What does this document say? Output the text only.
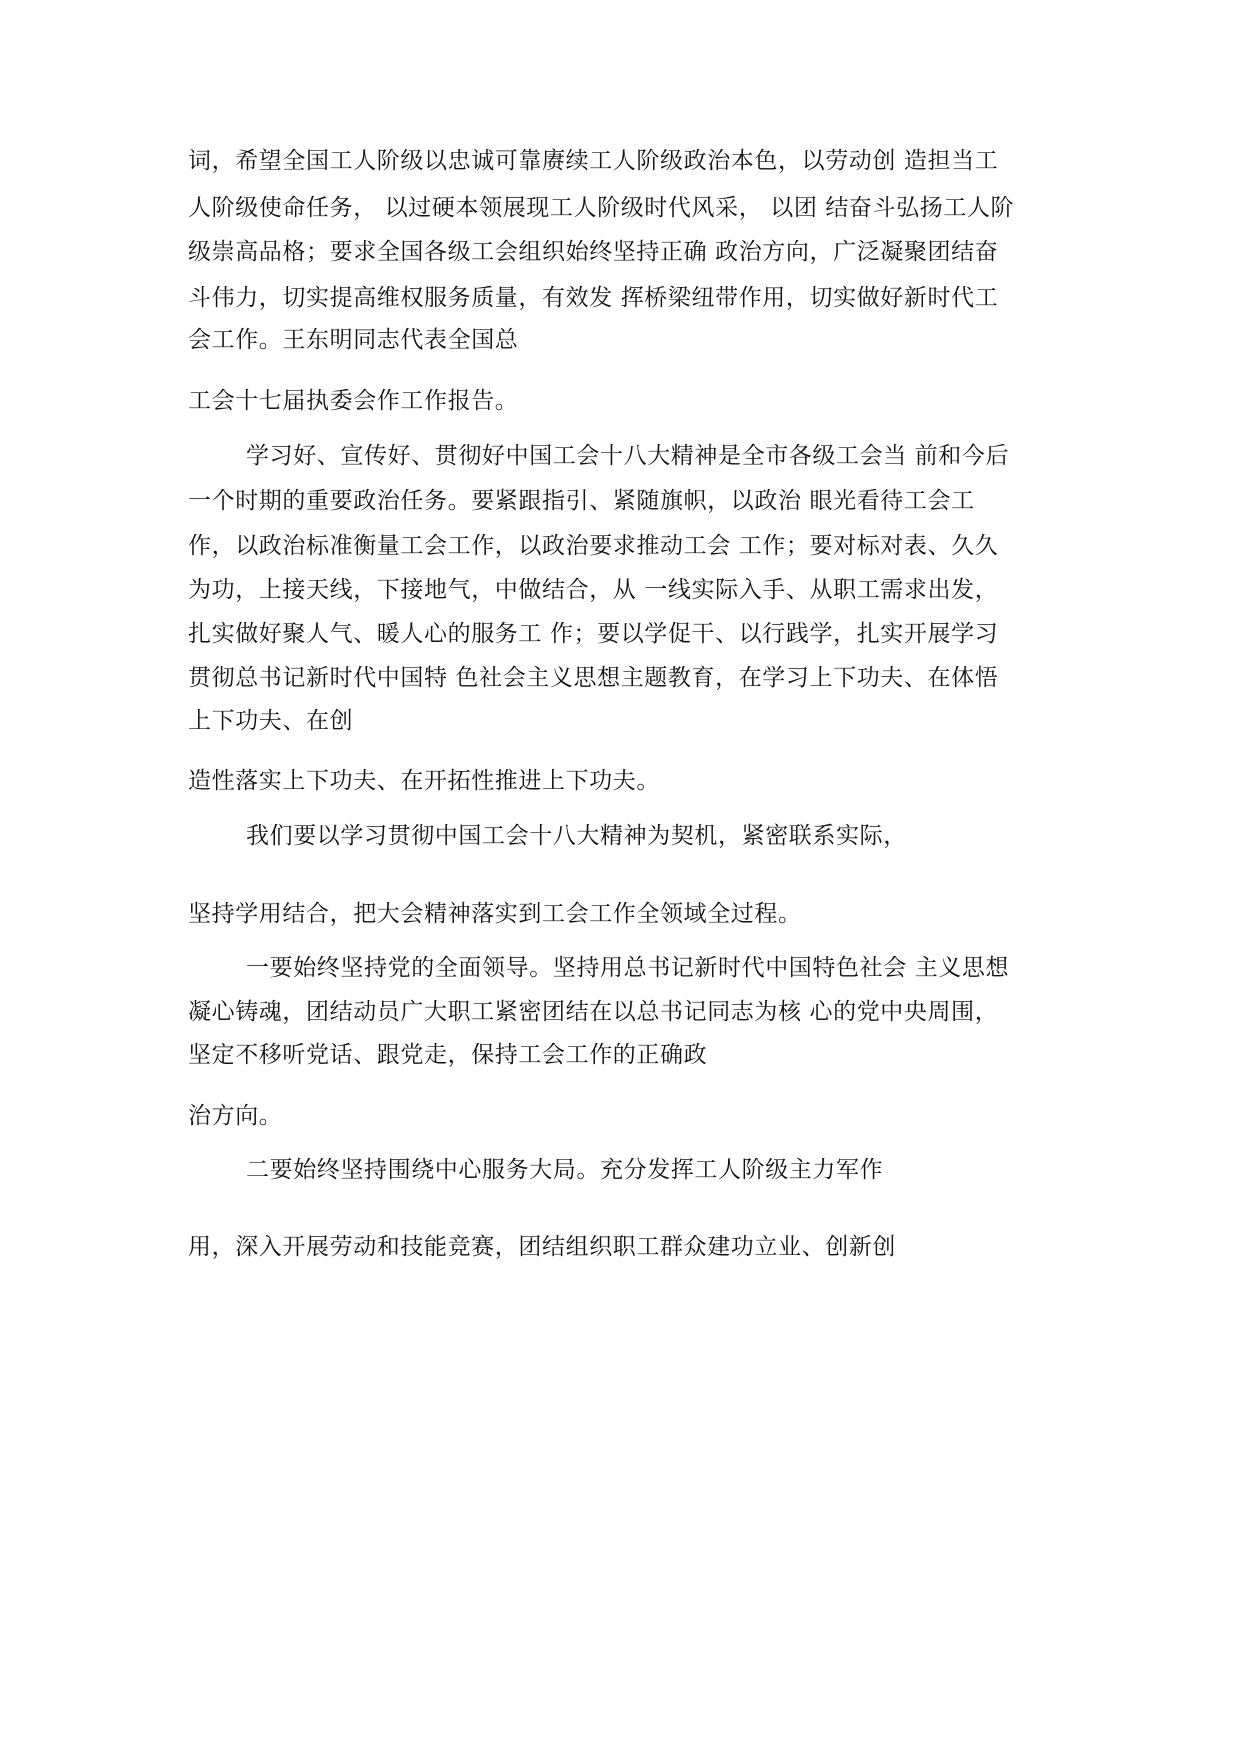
词，希望全国工人阶级以忠诚可靠赓续工人阶级政治本色，以劳动创 造担当工
人阶级使命任务， 以过硬本领展现工人阶级时代风采， 以团 结奋斗弘扬工人阶
级崇高品格；要求全国各级工会组织始终坚持正确 政治方向，广泛凝聚团结奋
斗伟力，切实提高维权服务质量，有效发 挥桥梁纽带作用，切实做好新时代工
会工作。王东明同志代表全国总
工会十七届执委会作工作报告。
学习好、宣传好、贯彻好中国工会十八大精神是全市各级工会当 前和今后
一个时期的重要政治任务。要紧跟指引、紧随旗帜，以政治 眼光看待工会工
作，以政治标准衡量工会工作，以政治要求推动工会 工作；要对标对表、久久
为功，上接天线，下接地气，中做结合，从 一线实际入手、从职工需求出发，
扎实做好聚人气、暖人心的服务工 作；要以学促干、以行践学，扎实开展学习
贯彻总书记新时代中国特 色社会主义思想主题教育，在学习上下功夫、在体悟
上下功夫、在创
造性落实上下功夫、在开拓性推进上下功夫。
我们要以学习贯彻中国工会十八大精神为契机，紧密联系实际，
坚持学用结合，把大会精神落实到工会工作全领域全过程。
一要始终坚持党的全面领导。坚持用总书记新时代中国特色社会 主义思想
凝心铸魂，团结动员广大职工紧密团结在以总书记同志为核 心的党中央周围，
坚定不移听党话、跟党走，保持工会工作的正确政
治方向。
二要始终坚持围绕中心服务大局。充分发挥工人阶级主力军作
用，深入开展劳动和技能竞赛，团结组织职工群众建功立业、创新创
